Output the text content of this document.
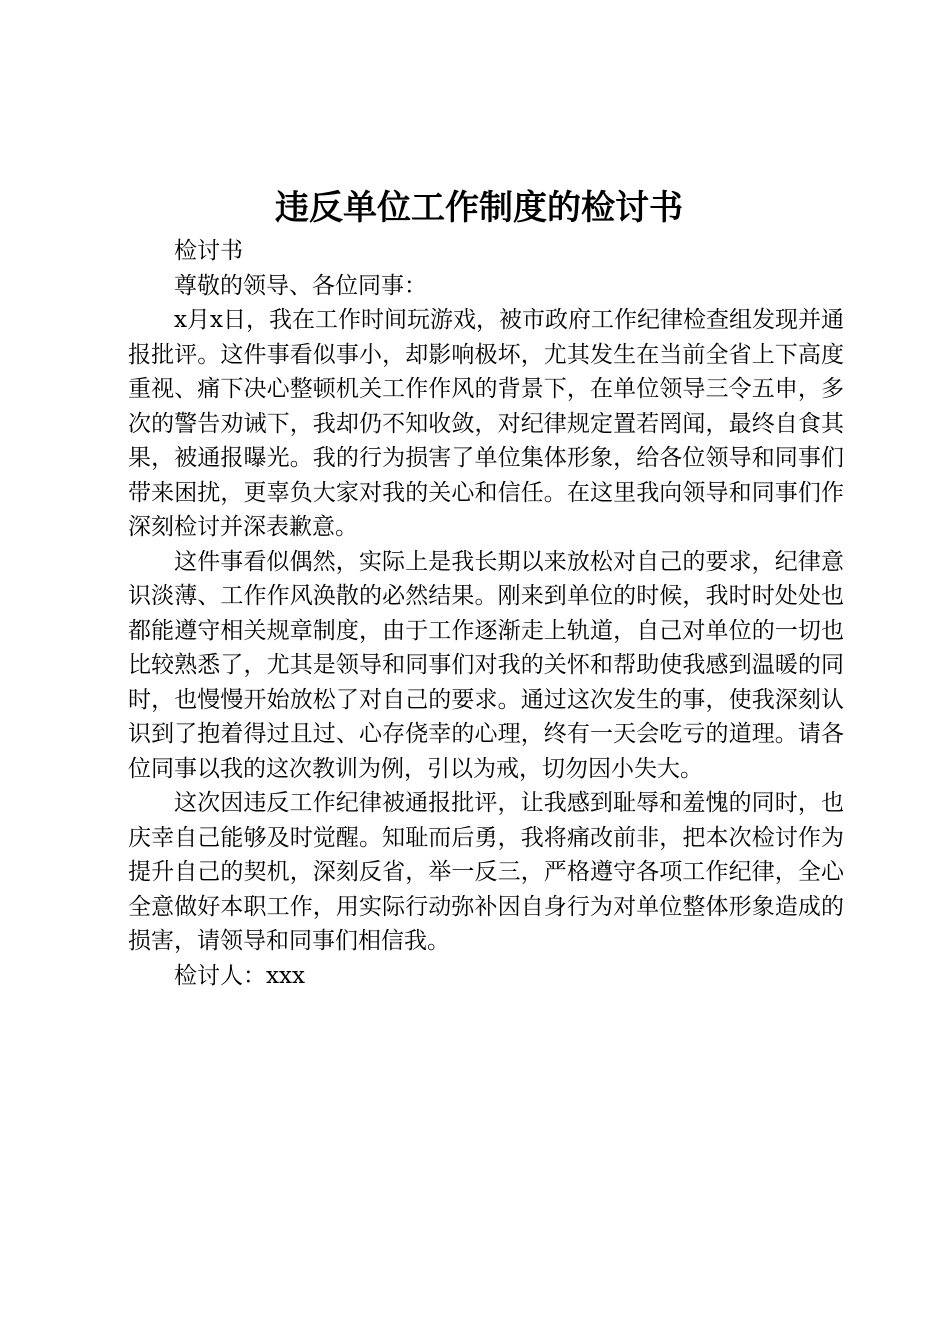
违反单位工作制度的检讨书

检讨书

尊敬的领导、各位同事：

x月x日，我在工作时间玩游戏，被市政府工作纪律检查组发现并通报批评。这件事看似事小，却影响极坏，尤其发生在当前全省上下高度重视、痛下决心整顿机关工作作风的背景下，在单位领导三令五申，多次的警告劝诫下，我却仍不知收敛，对纪律规定置若罔闻，最终自食其果，被通报曝光。我的行为损害了单位集体形象，给各位领导和同事们带来困扰，更辜负大家对我的关心和信任。在这里我向领导和同事们作深刻检讨并深表歉意。

这件事看似偶然，实际上是我长期以来放松对自己的要求，纪律意识淡薄、工作作风涣散的必然结果。刚来到单位的时候，我时时处处也都能遵守相关规章制度，由于工作逐渐走上轨道，自己对单位的一切也比较熟悉了，尤其是领导和同事们对我的关怀和帮助使我感到温暖的同时，也慢慢开始放松了对自己的要求。通过这次发生的事，使我深刻认识到了抱着得过且过、心存侥幸的心理，终有一天会吃亏的道理。请各位同事以我的这次教训为例，引以为戒，切勿因小失大。

这次因违反工作纪律被通报批评，让我感到耻辱和羞愧的同时，也庆幸自己能够及时觉醒。知耻而后勇，我将痛改前非，把本次检讨作为提升自己的契机，深刻反省，举一反三，严格遵守各项工作纪律，全心全意做好本职工作，用实际行动弥补因自身行为对单位整体形象造成的损害，请领导和同事们相信我。

检讨人：xxx
